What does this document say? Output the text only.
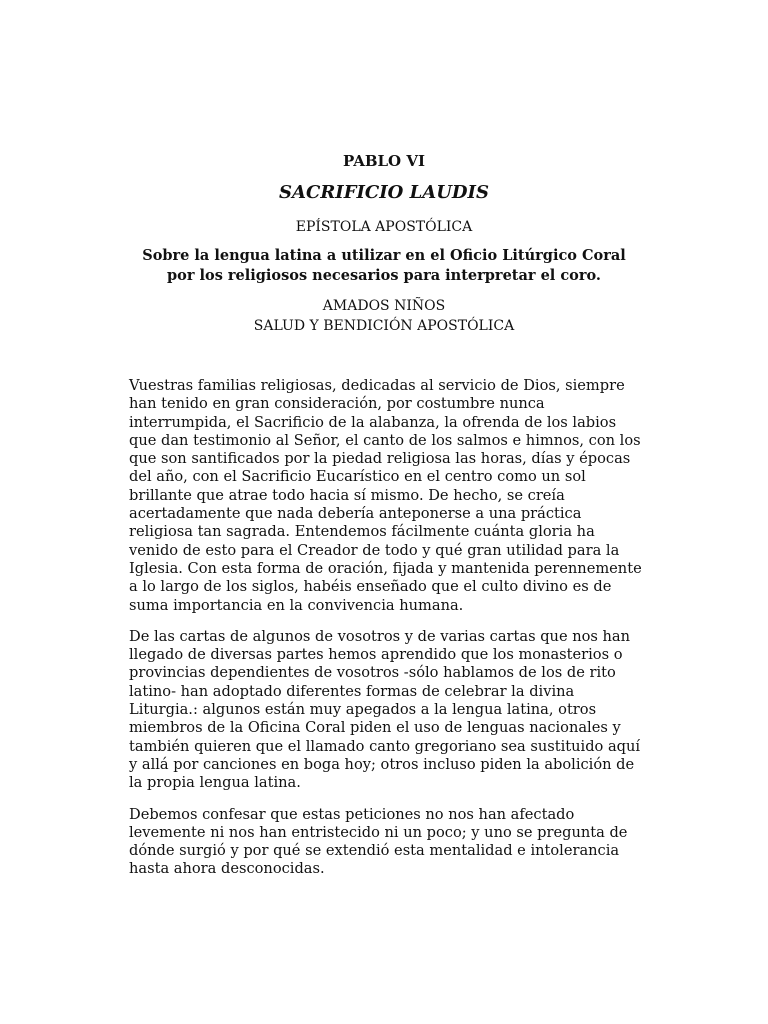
PABLO VI
SACRIFICIO LAUDIS
EPÍSTOLA APOSTÓLICA
Sobre la lengua latina a utilizar en el Oficio Litúrgico Coral
por los religiosos necesarios para interpretar el coro.
AMADOS NIÑOS
SALUD Y BENDICIÓN APOSTÓLICA

Vuestras familias religiosas, dedicadas al servicio de Dios, siempre
han tenido en gran consideración, por costumbre nunca
interrumpida, el Sacrificio de la alabanza, la ofrenda de los labios
que dan testimonio al Señor, el canto de los salmos e himnos, con los
que son santificados por la piedad religiosa las horas, días y épocas
del año, con el Sacrificio Eucarístico en el centro como un sol
brillante que atrae todo hacia sí mismo. De hecho, se creía
acertadamente que nada debería anteponerse a una práctica
religiosa tan sagrada. Entendemos fácilmente cuánta gloria ha
venido de esto para el Creador de todo y qué gran utilidad para la
Iglesia. Con esta forma de oración, fijada y mantenida perennemente
a lo largo de los siglos, habéis enseñado que el culto divino es de
suma importancia en la convivencia humana.

De las cartas de algunos de vosotros y de varias cartas que nos han
llegado de diversas partes hemos aprendido que los monasterios o
provincias dependientes de vosotros -sólo hablamos de los de rito
latino- han adoptado diferentes formas de celebrar la divina
Liturgia.: algunos están muy apegados a la lengua latina, otros
miembros de la Oficina Coral piden el uso de lenguas nacionales y
también quieren que el llamado canto gregoriano sea sustituido aquí
y allá por canciones en boga hoy; otros incluso piden la abolición de
la propia lengua latina.

Debemos confesar que estas peticiones no nos han afectado
levemente ni nos han entristecido ni un poco; y uno se pregunta de
dónde surgió y por qué se extendió esta mentalidad e intolerancia
hasta ahora desconocidas.
